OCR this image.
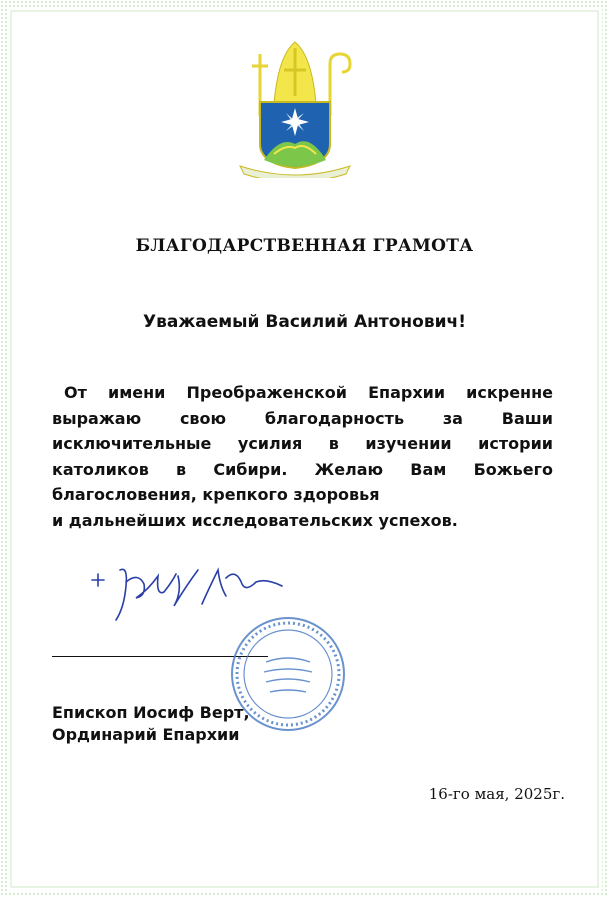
БЛАГОДАРСТВЕННАЯ ГРАМОТА
Уважаемый Василий Антонович!
От имени Преображенской Епархии искренне выражаю свою благодарность за Ваши исключительные усилия в изучении истории католиков в Сибири. Желаю Вам Божьего благословения, крепкого здоровья
и дальнейших исследовательских успехов.
Епископ Иосиф Верт,
Ординарий Епархии
16-го мая, 2025г.
